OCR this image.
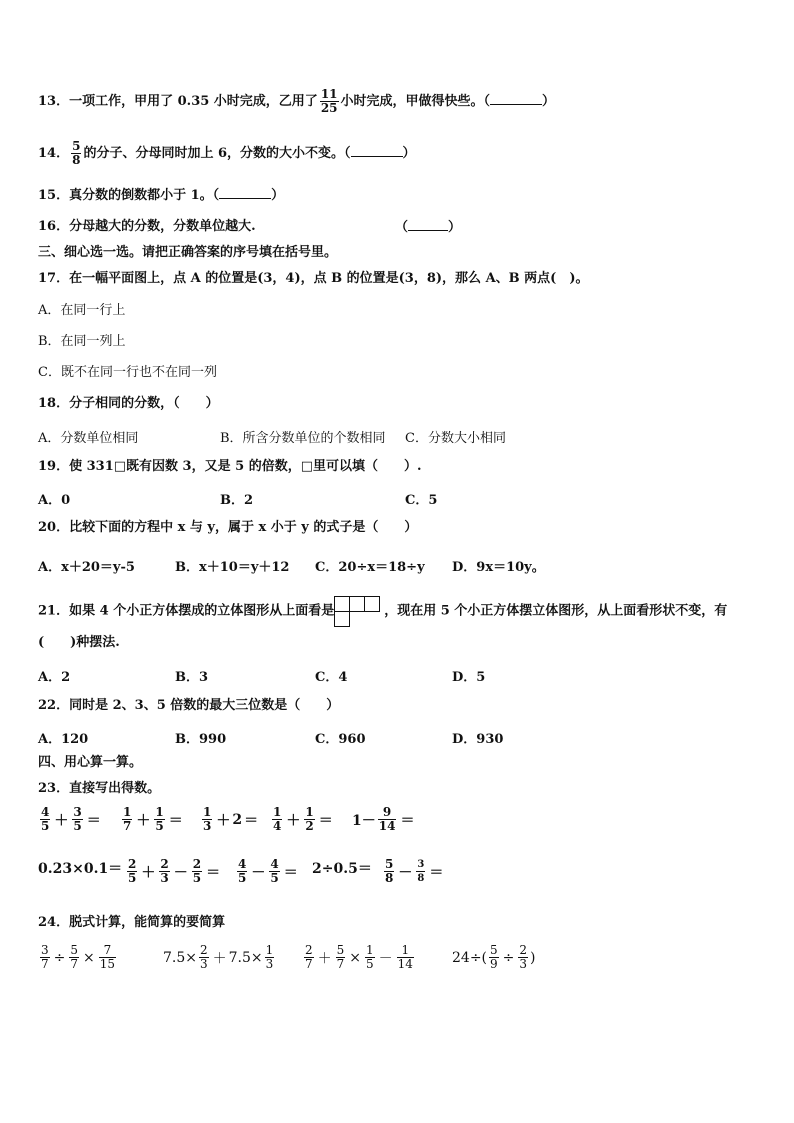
13．一项工作，甲用了 0.35 小时完成，乙用了 $\frac{11}{25}$ 小时完成，甲做得快些。（	）
14． $\frac{5}{8}$ 的分子、分母同时加上 6，分数的大小不变。（	）
15．真分数的倒数都小于 1。（	）
16．分母越大的分数，分数单位越大.	（	）
三、细心选一选。请把正确答案的序号填在括号里。
17．在一幅平面图上，点 A 的位置是(3，4)，点 B 的位置是(3，8)，那么 A、B 两点(　)。
A．在同一行上
B．在同一列上
C．既不在同一行也不在同一列
18．分子相同的分数，（　　）
A．分数单位相同	B．所含分数单位的个数相同 C．分数大小相同
19．使 331□既有因数 3，又是 5 的倍数，□里可以填（　　）.
A．0	B．2	C．5
20．比较下面的方程中 x 与 y，属于 x 小于 y 的式子是（　　）
A．x＋20＝y-5	B．x＋10＝y＋12 C．20÷x＝18÷y D．9x＝10y。
21．如果 4 个小正方体摆成的立体图形从上面看是	，现在用 5 个小正方体摆立体图形，从上面看形状不变，有
(　　)种摆法.
A．2	B．3	C．4	D．5
22．同时是 2、3、5 倍数的最大三位数是（　　）
A．120	B．990	C．960	D．930
四、用心算一算。
23．直接写出得数。
$\frac{4}{5} + \frac{3}{5} = \frac{1}{7} + \frac{1}{5} = \frac{1}{3} + 2 = \frac{1}{4} + \frac{1}{2} = 1- \frac{9}{14}$ ＝
$0.23\times 0.1= \frac{2}{5} + \frac{2}{3} - \frac{2}{5} = \frac{4}{5} - \frac{4}{5} = 2\div 0.5= \frac{5}{8} - \frac{3}{8}$ ＝
24．脱式计算，能简算的要简算
$\frac{3}{7} \div \frac{5}{7} \times \frac{7}{15}$	$7.5\times \frac{2}{3} + 7.5\times \frac{1}{3} \frac{2}{7} + \frac{5}{7} \times \frac{1}{5} - \frac{1}{14}$	$24\div( \frac{5}{9} \div \frac{2}{3}$ )
